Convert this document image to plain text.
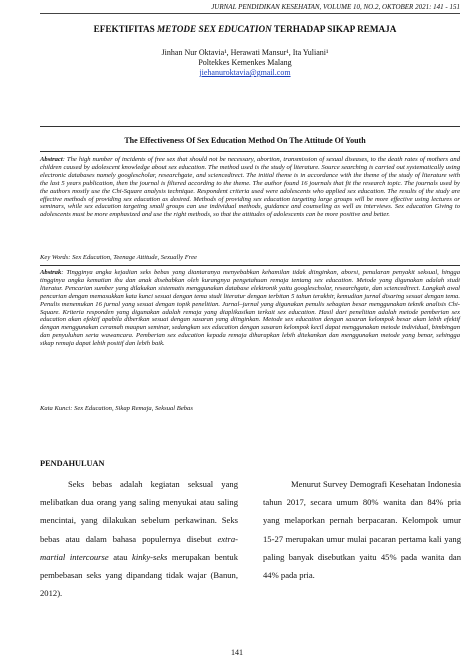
JURNAL PENDIDIKAN KESEHATAN, VOLUME 10, NO.2, OKTOBER 2021: 141 - 151
EFEKTIFITAS METODE SEX EDUCATION TERHADAP SIKAP REMAJA
Jinhan Nur Oktavia¹, Herawati Mansur¹, Ita Yuliani¹
Poltekkes Kemenkes Malang
jiehanuroktavia@gmail.com
The Effectiveness Of Sex Education Method On The Attitude Of Youth
Abstract: The high number of incidents of free sex that should not be necessary, abortion, transmission of sexual diseases, to the death rates of mothers and children caused by adolescent knowledge about sex education. The method used is the study of literature. Source searching is carried out systematically using electronic databases namely googlescholar, researchgate, and sciencedirect. The initial theme is in accordance with the theme of the study of literature with the last 5 years publication, then the journal is filtered according to the theme. The author found 16 journals that fit the research topic. The journals used by the authors mostly use the Chi-Square analysis technique. Respondent criteria used were adolescents who applied sex education. The results of the study are effective methods of providing sex education as desired. Methods of providing sex education targeting large groups will be more effective using lectures or seminars, while sex education targeting small groups can use individual methods, guidance and counseling as well as interviews. Sex education Giving to adolescents must be more emphasized and use the right methods, so that the attitudes of adolescents can be more positive and better.
Key Words: Sex Education, Teenage Attitude, Sexually Free
Abstrak: Tingginya angka kejadian seks bebas yang diantaranya menyebabkan kehamilan tidak diinginkan, aborsi, penularan penyakit seksual, hingga tingginya angka kematian ibu dan anak disebabkan oleh kurangnya pengetahuan remaja tentang sex education. Metode yang digunakan adalah studi literatur. Pencarian sumber yang dilakukan sistematis menggunakan database elektronik yaitu googlescholar, researchgate, dan sciencedirect. Langkah awal pencarian dengan memasukkan kata kunci sesuai dengan tema studi literatur dengan terbitan 5 tahun terakhir, kemudian jurnal disaring sesuai dengan tema. Penulis menemukan 16 jurnal yang sesuai dengan topik penelitian. Jurnal–jurnal yang digunakan penulis sebagian besar menggunakan teknik analisis Chi-Square. Kriteria responden yang digunakan adalah remaja yang diaplikasikan terkait sex education. Hasil dari penelitian adalah metode pemberian sex education akan efektif apabila diberikan sesuai dengan sasaran yang diinginkan. Metode sex education dengan sasaran kelompok besar akan lebih efektif dengan menggunakan ceramah maupun seminar, sedangkan sex education dengan sasaran kelompok kecil dapat menggunakan metode individual, bimbingan dan penyuluhan serta wawancara. Pemberian sex education kepada remaja diharapkan lebih ditekankan dan menggunakan metode yang benar, sehingga sikap remaja dapat lebih positif dan lebih baik.
Kata Kunci: Sex Education, Sikap Remaja, Seksual Bebas
PENDAHULUAN
Seks bebas adalah kegiatan seksual yang melibatkan dua orang yang saling menyukai atau saling mencintai, yang dilakukan sebelum perkawinan. Seks bebas atau dalam bahasa populernya disebut extra-martial intercourse atau kinky-seks merupakan bentuk pembebasan seks yang dipandang tidak wajar (Banun, 2012).
Menurut Survey Demografi Kesehatan Indonesia tahun 2017, secara umum 80% wanita dan 84% pria yang melaporkan pernah berpacaran. Kelompok umur 15-27 merupakan umur mulai pacaran pertama kali yang paling banyak disebutkan yaitu 45% pada wanita dan 44% pada pria.
141
